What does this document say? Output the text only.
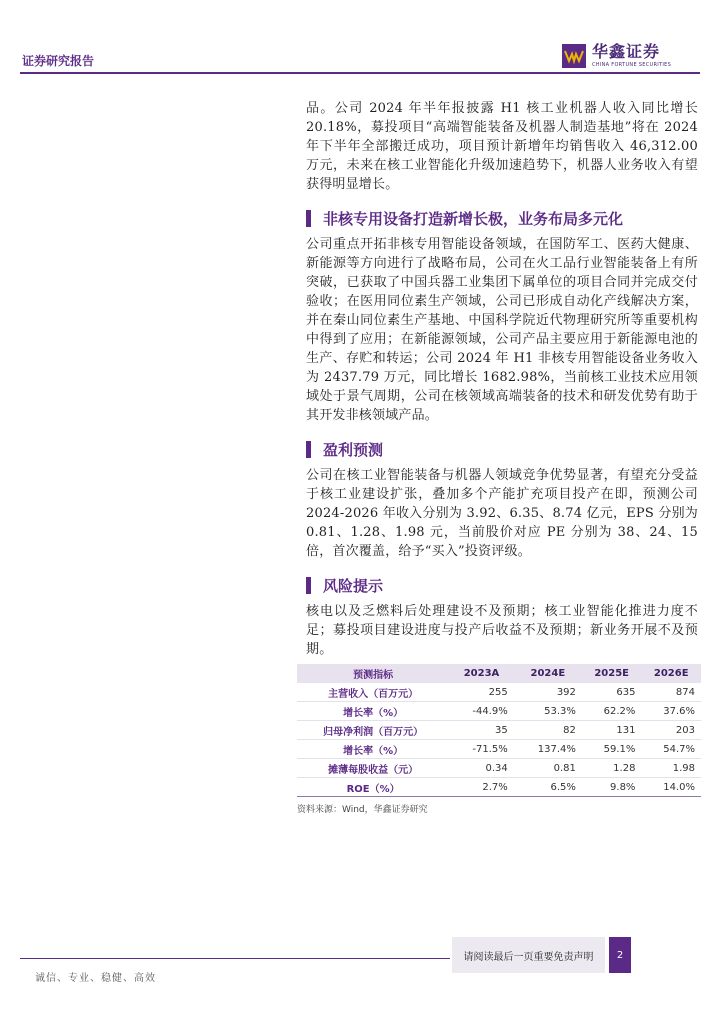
证券研究报告	华鑫证券
CHINA FORTUNE SECURITIES

品。公司 2024 年半年报披露 H1 核工业机器人收入同比增长 20.18%，募投项目“高端智能装备及机器人制造基地”将在 2024 年下半年全部搬迁成功，项目预计新增年均销售收入 46,312.00 万元，未来在核工业智能化升级加速趋势下，机器人业务收入有望获得明显增长。

非核专用设备打造新增长极，业务布局多元化

公司重点开拓非核专用智能设备领域，在国防军工、医药大健康、新能源等方向进行了战略布局，公司在火工品行业智能装备上有所突破，已获取了中国兵器工业集团下属单位的项目合同并完成交付验收；在医用同位素生产领域，公司已形成自动化产线解决方案，并在秦山同位素生产基地、中国科学院近代物理研究所等重要机构中得到了应用；在新能源领域，公司产品主要应用于新能源电池的生产、存贮和转运；公司 2024 年 H1 非核专用智能设备业务收入为 2437.79 万元，同比增长 1682.98%，当前核工业技术应用领域处于景气周期，公司在核领域高端装备的技术和研发优势有助于其开发非核领域产品。

盈利预测

公司在核工业智能装备与机器人领域竞争优势显著，有望充分受益于核工业建设扩张，叠加多个产能扩充项目投产在即，预测公司 2024-2026 年收入分别为 3.92、6.35、8.74 亿元，EPS 分别为 0.81、1.28、1.98 元，当前股价对应 PE 分别为 38、24、15 倍，首次覆盖，给予“买入”投资评级。

风险提示

核电以及乏燃料后处理建设不及预期；核工业智能化推进力度不足；募投项目建设进度与投产后收益不及预期；新业务开展不及预期。

预测指标	2023A	2024E	2025E	2026E
主营收入（百万元）	255	392	635	874
增长率（%）	-44.9%	53.3%	62.2%	37.6%
归母净利润（百万元）	35	82	131	203
增长率（%）	-71.5%	137.4%	59.1%	54.7%
摊薄每股收益（元）	0.34	0.81	1.28	1.98
ROE（%）	2.7%	6.5%	9.8%	14.0%
资料来源：Wind，华鑫证券研究
请阅读最后一页重要免责声明	2
诚信、专业、稳健、高效
